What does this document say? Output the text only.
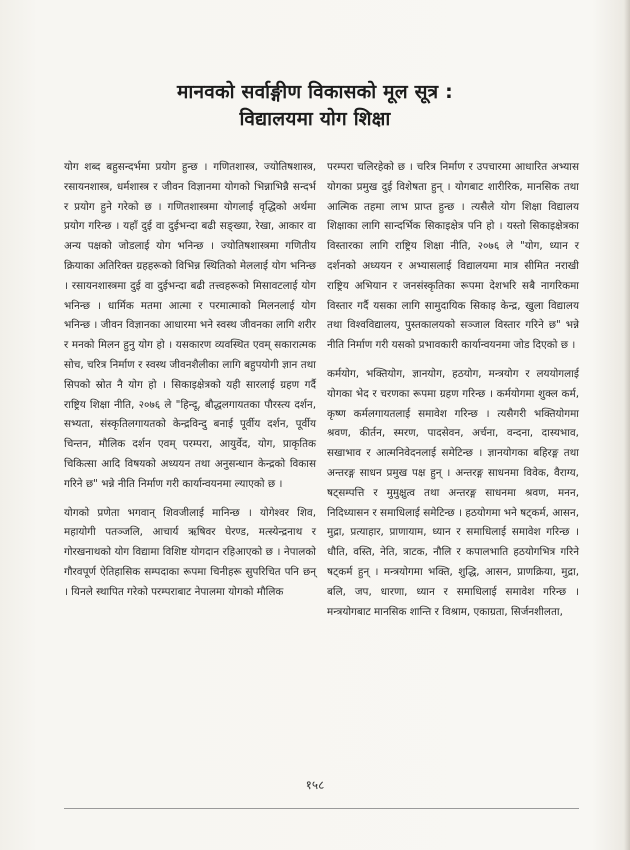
मानवको सर्वाङ्गीण विकासको मूल सूत्र :
विद्यालयमा योग शिक्षा

योग शब्द बहुसन्दर्भमा प्रयोग हुन्छ । गणितशास्त्र, ज्योतिषशास्त्र, रसायनशास्त्र, धर्मशास्त्र र जीवन विज्ञानमा योगको भिन्नाभिन्नै सन्दर्भ र प्रयोग हुने गरेको छ । गणितशास्त्रमा योगलाई वृद्धिको अर्थमा प्रयोग गरिन्छ । यहाँ दुई वा दुईभन्दा बढी सङ्ख्या, रेखा, आकार वा अन्य पक्षको जोडलाई योग भनिन्छ । ज्योतिषशास्त्रमा गणितीय क्रियाका अतिरिक्त ग्रहहरूको विभिन्न स्थितिको मेललाई योग भनिन्छ । रसायनशास्त्रमा दुई वा दुईभन्दा बढी तत्त्वहरूको मिसावटलाई योग भनिन्छ । धार्मिक मतमा आत्मा र परमात्माको मिलनलाई योग भनिन्छ । जीवन विज्ञानका आधारमा भने स्वस्थ जीवनका लागि शरीर र मनको मिलन हुनु योग हो । यसकारण व्यवस्थित एवम् सकारात्मक सोच, चरित्र निर्माण र स्वस्थ जीवनशैलीका लागि बहुपयोगी ज्ञान तथा सिपको स्रोत नै योग हो । सिकाइक्षेत्रको यही सारलाई ग्रहण गर्दै राष्ट्रिय शिक्षा नीति, २०७६ ले "हिन्दू, बौद्धलगायतका पौरस्त्य दर्शन, सभ्यता, संस्कृतिलगायतको केन्द्रविन्दु बनाई पूर्वीय दर्शन, पूर्वीय चिन्तन, मौलिक दर्शन एवम् परम्परा, आयुर्वेद, योग, प्राकृतिक चिकित्सा आदि विषयको अध्ययन तथा अनुसन्धान केन्द्रको विकास गरिने छ" भन्ने नीति निर्माण गरी कार्यान्वयनमा ल्याएको छ ।

योगको प्रणेता भगवान् शिवजीलाई मानिन्छ । योगेश्वर शिव, महायोगी पतञ्जलि, आचार्य ऋषिवर घेरण्ड, मत्स्येन्द्रनाथ र गोरखनाथको योग विद्यामा विशिष्ट योगदान रहिआएको छ । नेपालको गौरवपूर्ण ऐतिहासिक सम्पदाका रूपमा चिनीहरू सुपरिचित पनि छन् । यिनले स्थापित गरेको परम्पराबाट नेपालमा योगको मौलिक

परम्परा चलिरहेको छ । चरित्र निर्माण र उपचारमा आधारित अभ्यास योगका प्रमुख दुई विशेषता हुन् । योगबाट शारीरिक, मानसिक तथा आत्मिक तहमा लाभ प्राप्त हुन्छ । त्यसैले योग शिक्षा विद्यालय शिक्षाका लागि सान्दर्भिक सिकाइक्षेत्र पनि हो । यस्तो सिकाइक्षेत्रका विस्तारका लागि राष्ट्रिय शिक्षा नीति, २०७६ ले "योग, ध्यान र दर्शनको अध्ययन र अभ्यासलाई विद्यालयमा मात्र सीमित नराखी राष्ट्रिय अभियान र जनसंस्कृतिका रूपमा देशभरि सबै नागरिकमा विस्तार गर्दै यसका लागि सामुदायिक सिकाइ केन्द्र, खुला विद्यालय तथा विश्वविद्यालय, पुस्तकालयको सञ्जाल विस्तार गरिने छ" भन्ने नीति निर्माण गरी यसको प्रभावकारी कार्यान्वयनमा जोड दिएको छ ।

कर्मयोग, भक्तियोग, ज्ञानयोग, हठयोग, मन्त्रयोग र लययोगलाई योगका भेद र चरणका रूपमा ग्रहण गरिन्छ । कर्मयोगमा शुक्ल कर्म, कृष्ण कर्मलगायतलाई समावेश गरिन्छ । त्यसैगरी भक्तियोगमा श्रवण, कीर्तन, स्मरण, पादसेवन, अर्चना, वन्दना, दास्यभाव, सखाभाव र आत्मनिवेदनलाई समेटिन्छ । ज्ञानयोगका बहिरङ्ग तथा अन्तरङ्ग साधन प्रमुख पक्ष हुन् । अन्तरङ्ग साधनमा विवेक, वैराग्य, षट्सम्पत्ति र मुमुक्षुत्व तथा अन्तरङ्ग साधनमा श्रवण, मनन, निदिध्यासन र समाधिलाई समेटिन्छ । हठयोगमा भने षट्कर्म, आसन, मुद्रा, प्रत्याहार, प्राणायाम, ध्यान र समाधिलाई समावेश गरिन्छ । धौति, वस्ति, नेति, त्राटक, नौलि र कपालभाति हठयोगभित्र गरिने षट्कर्म हुन् । मन्त्रयोगमा भक्ति, शुद्धि, आसन, प्राणक्रिया, मुद्रा, बलि, जप, धारणा, ध्यान र समाधिलाई समावेश गरिन्छ । मन्त्रयोगबाट मानसिक शान्ति र विश्राम, एकाग्रता, सिर्जनशीलता,

१५८
